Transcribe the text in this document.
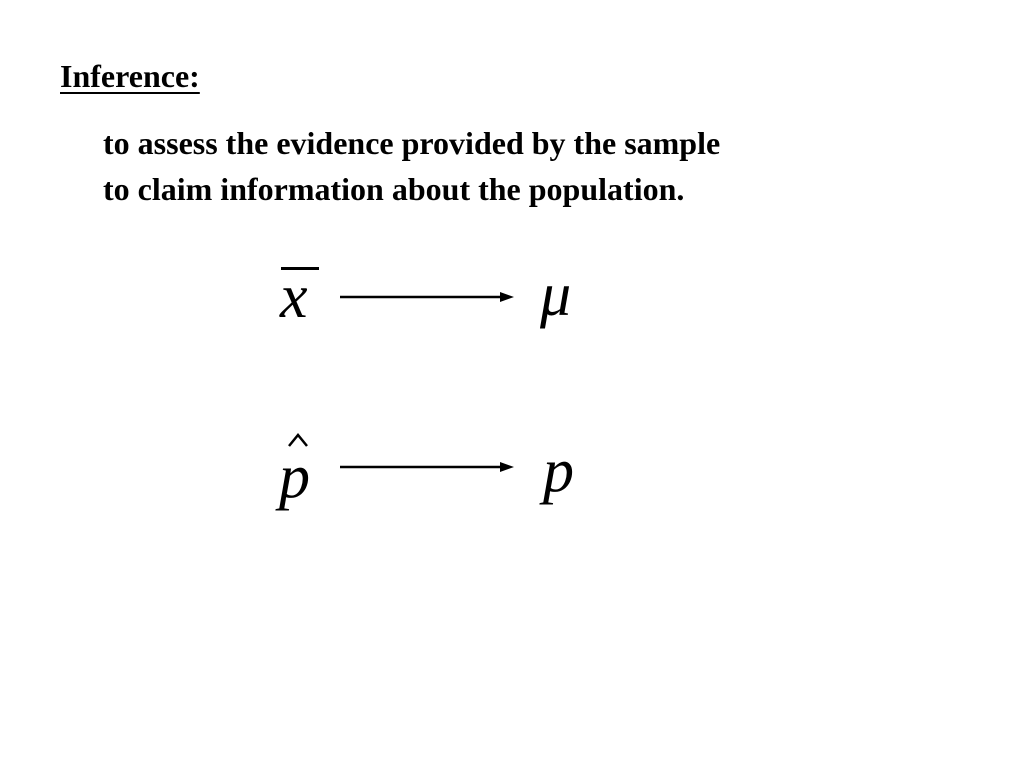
Inference:
to assess the evidence provided by the sample
to claim information about the population.
x	μ
p	p
